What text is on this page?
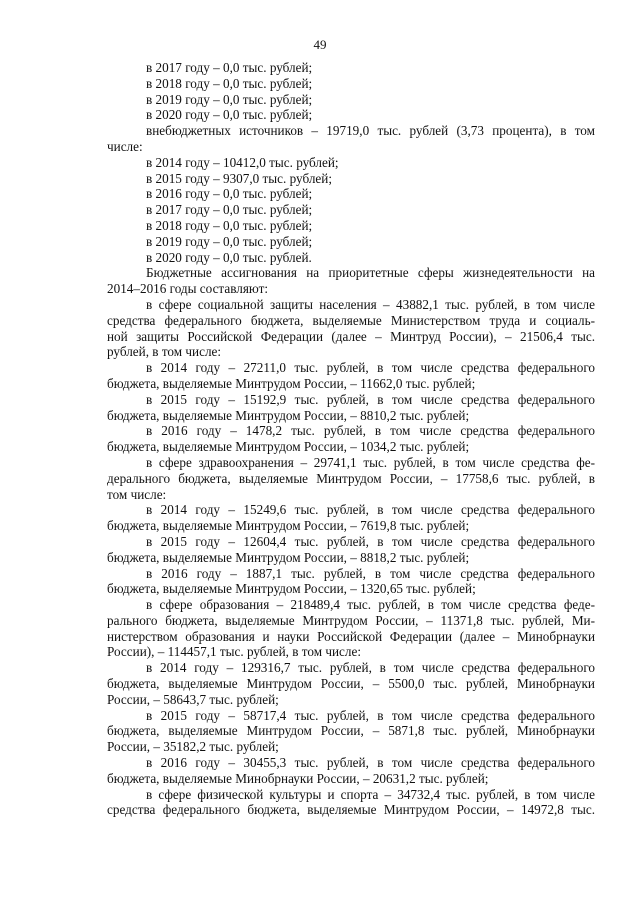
49
в 2017 году – 0,0 тыс. рублей;
в 2018 году – 0,0 тыс. рублей;
в 2019 году – 0,0 тыс. рублей;
в 2020 году – 0,0 тыс. рублей;
внебюджетных источников – 19719,0 тыс. рублей (3,73 процента), в том
числе:
в 2014 году – 10412,0 тыс. рублей;
в 2015 году – 9307,0 тыс. рублей;
в 2016 году – 0,0 тыс. рублей;
в 2017 году – 0,0 тыс. рублей;
в 2018 году – 0,0 тыс. рублей;
в 2019 году – 0,0 тыс. рублей;
в 2020 году – 0,0 тыс. рублей.
Бюджетные ассигнования на приоритетные сферы жизнедеятельности на
2014–2016 годы составляют:
в сфере социальной защиты населения – 43882,1 тыс. рублей, в том числе
средства федерального бюджета, выделяемые Министерством труда и социаль-
ной защиты Российской Федерации (далее – Минтруд России), – 21506,4 тыс.
рублей, в том числе:
в 2014 году – 27211,0 тыс. рублей, в том числе средства федерального
бюджета, выделяемые Минтрудом России, – 11662,0 тыс. рублей;
в 2015 году – 15192,9 тыс. рублей, в том числе средства федерального
бюджета, выделяемые Минтрудом России, – 8810,2 тыс. рублей;
в 2016 году – 1478,2 тыс. рублей, в том числе средства федерального
бюджета, выделяемые Минтрудом России, – 1034,2 тыс. рублей;
в сфере здравоохранения – 29741,1 тыс. рублей, в том числе средства фе-
дерального бюджета, выделяемые Минтрудом России, – 17758,6 тыс. рублей, в
том числе:
в 2014 году – 15249,6 тыс. рублей, в том числе средства федерального
бюджета, выделяемые Минтрудом России, – 7619,8 тыс. рублей;
в 2015 году – 12604,4 тыс. рублей, в том числе средства федерального
бюджета, выделяемые Минтрудом России, – 8818,2 тыс. рублей;
в 2016 году – 1887,1 тыс. рублей, в том числе средства федерального
бюджета, выделяемые Минтрудом России, – 1320,65 тыс. рублей;
в сфере образования – 218489,4 тыс. рублей, в том числе средства феде-
рального бюджета, выделяемые Минтрудом России, – 11371,8 тыс. рублей, Ми-
нистерством образования и науки Российской Федерации (далее – Минобрнауки
России), – 114457,1 тыс. рублей, в том числе:
в 2014 году – 129316,7 тыс. рублей, в том числе средства федерального
бюджета, выделяемые Минтрудом России, – 5500,0 тыс. рублей, Минобрнауки
России, – 58643,7 тыс. рублей;
в 2015 году – 58717,4 тыс. рублей, в том числе средства федерального
бюджета, выделяемые Минтрудом России, – 5871,8 тыс. рублей, Минобрнауки
России, – 35182,2 тыс. рублей;
в 2016 году – 30455,3 тыс. рублей, в том числе средства федерального
бюджета, выделяемые Минобрнауки России, – 20631,2 тыс. рублей;
в сфере физической культуры и спорта – 34732,4 тыс. рублей, в том числе
средства федерального бюджета, выделяемые Минтрудом России, – 14972,8 тыс.
